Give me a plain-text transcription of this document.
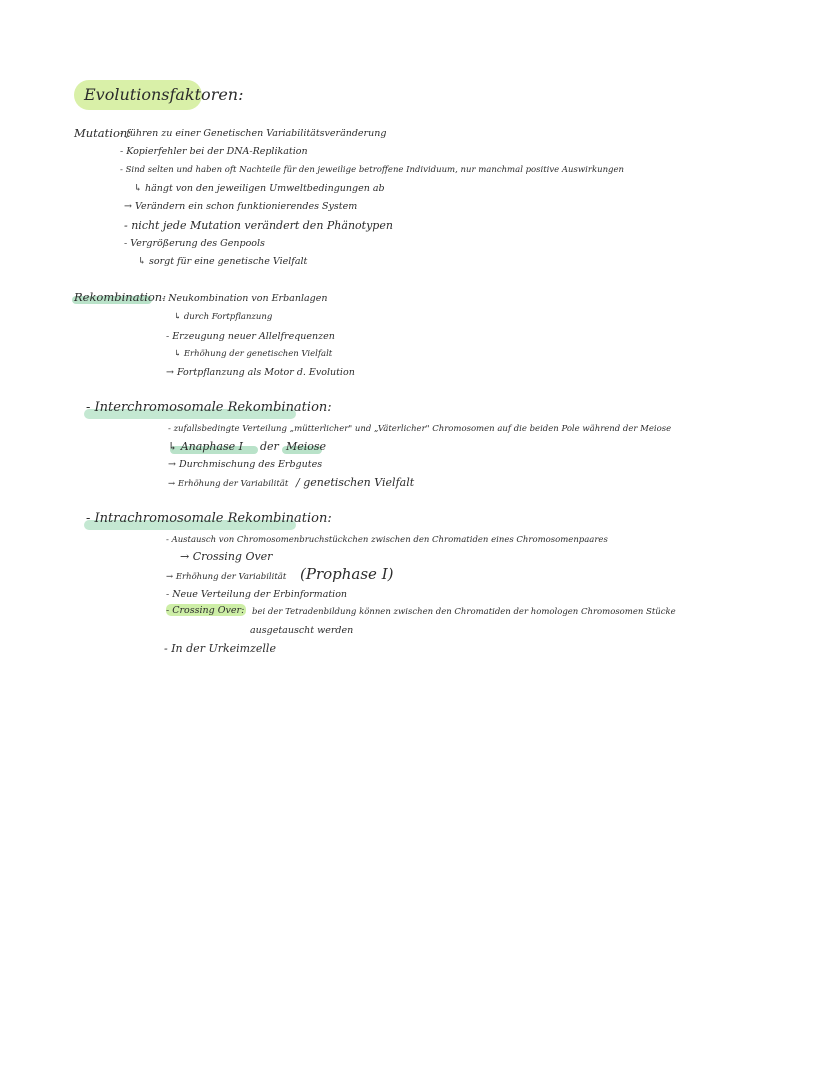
Evolutionsfaktoren:
Mutation:
- führen zu einer Genetischen Variabilitätsveränderung
- Kopierfehler bei der DNA-Replikation
- Sind selten und haben oft Nachteile für den jeweilige betroffene Individuum, nur manchmal positive Auswirkungen
↳ hängt von den jeweiligen Umweltbedingungen ab
→ Verändern ein schon funktionierendes System
- nicht jede Mutation verändert den Phänotypen
- Vergrößerung des Genpools
↳ sorgt für eine genetische Vielfalt
Rekombination:
- Neukombination von Erbanlagen
↳ durch Fortpflanzung
- Erzeugung neuer Allelfrequenzen
↳ Erhöhung der genetischen Vielfalt
→ Fortpflanzung als Motor d. Evolution
- Interchromosomale Rekombination:
- zufallsbedingte Verteilung „mütterlicher" und „Väterlicher" Chromosomen auf die beiden Pole während der Meiose
↳ Anaphase I der Meiose
→ Durchmischung des Erbgutes
→ Erhöhung der Variabilität / genetischen Vielfalt
- Intrachromosomale Rekombination:
- Austausch von Chromosomenbruchstückchen zwischen den Chromatiden eines Chromosomenpaares
→ Crossing Over
→ Erhöhung der Variabilität (Prophase I)
- Neue Verteilung der Erbinformation
- Crossing Over: bei der Tetradenbildung können zwischen den Chromatiden der homologen Chromosomen Stücke
ausgetauscht werden
- In der Urkeimzelle
